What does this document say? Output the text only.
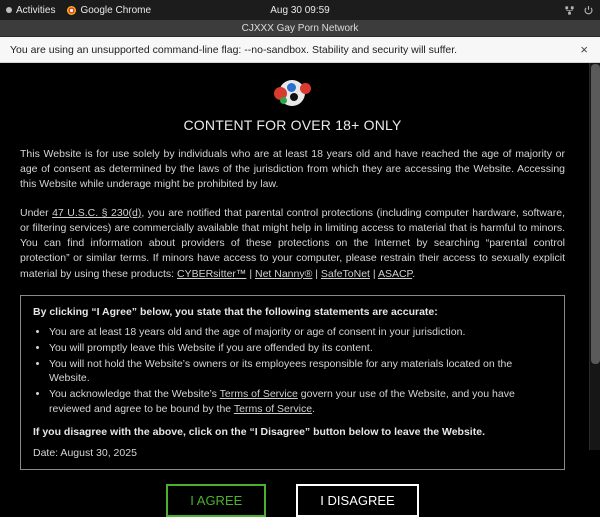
Activities	Google Chrome	Aug 30 09:59
CJXXX Gay Porn Network
You are using an unsupported command-line flag: --no-sandbox. Stability and security will suffer.	×
CONTENT FOR OVER 18+ ONLY

This Website is for use solely by individuals who are at least 18 years old and have reached the age of majority or age of consent as determined by the laws of the jurisdiction from which they are accessing the Website. Accessing this Website while underage might be prohibited by law.

Under 47 U.S.C. § 230(d), you are notified that parental control protections (including computer hardware, software, or filtering services) are commercially available that might help in limiting access to material that is harmful to minors. You can find information about providers of these protections on the Internet by searching “parental control protection” or similar terms. If minors have access to your computer, please restrain their access to sexually explicit material by using these products: CYBERsitter™ | Net Nanny® | SafeToNet | ASACP.

By clicking “I Agree” below, you state that the following statements are accurate:

• You are at least 18 years old and the age of majority or age of consent in your jurisdiction.
• You will promptly leave this Website if you are offended by its content.
• You will not hold the Website’s owners or its employees responsible for any materials located on the Website.
• You acknowledge that the Website’s Terms of Service govern your use of the Website, and you have reviewed and agree to be bound by the Terms of Service.

If you disagree with the above, click on the “I Disagree” button below to leave the Website.

Date: August 30, 2025

I AGREE	I DISAGREE
